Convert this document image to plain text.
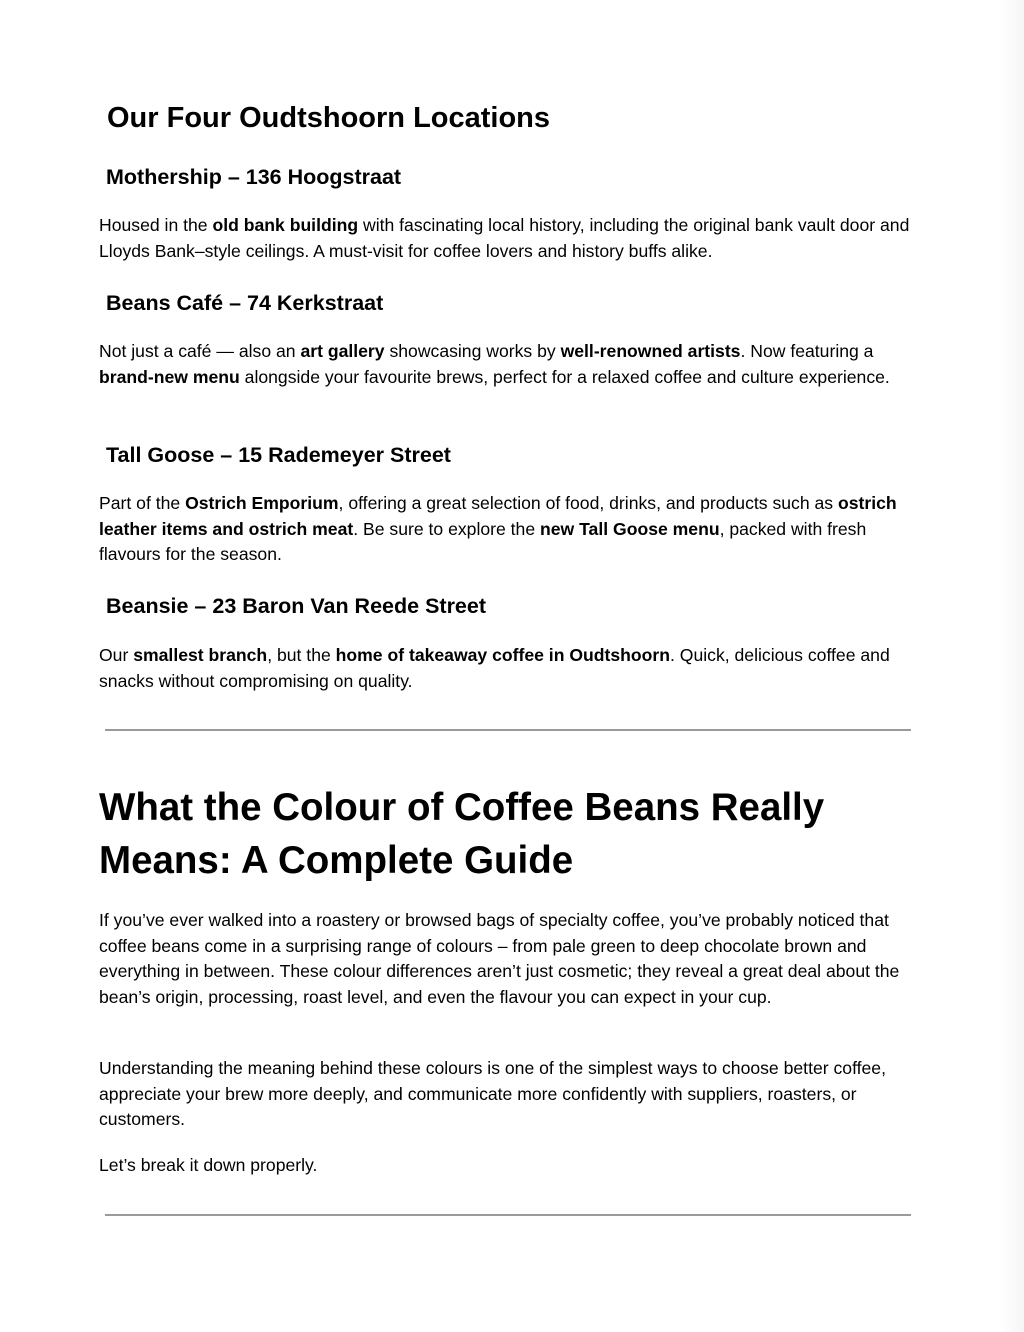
Our Four Oudtshoorn Locations
Mothership – 136 Hoogstraat

Housed in the old bank building with fascinating local history, including the original bank vault door and Lloyds Bank–style ceilings. A must-visit for coffee lovers and history buffs alike.

Beans Café – 74 Kerkstraat

Not just a café — also an art gallery showcasing works by well-renowned artists. Now featuring a brand-new menu alongside your favourite brews, perfect for a relaxed coffee and culture experience.

Tall Goose – 15 Rademeyer Street

Part of the Ostrich Emporium, offering a great selection of food, drinks, and products such as ostrich leather items and ostrich meat. Be sure to explore the new Tall Goose menu, packed with fresh flavours for the season.

Beansie – 23 Baron Van Reede Street

Our smallest branch, but the home of takeaway coffee in Oudtshoorn. Quick, delicious coffee and snacks without compromising on quality.

What the Colour of Coffee Beans Really Means: A Complete Guide

If you’ve ever walked into a roastery or browsed bags of specialty coffee, you’ve probably noticed that coffee beans come in a surprising range of colours – from pale green to deep chocolate brown and everything in between. These colour differences aren’t just cosmetic; they reveal a great deal about the bean’s origin, processing, roast level, and even the flavour you can expect in your cup.

Understanding the meaning behind these colours is one of the simplest ways to choose better coffee, appreciate your brew more deeply, and communicate more confidently with suppliers, roasters, or customers.

Let’s break it down properly.
